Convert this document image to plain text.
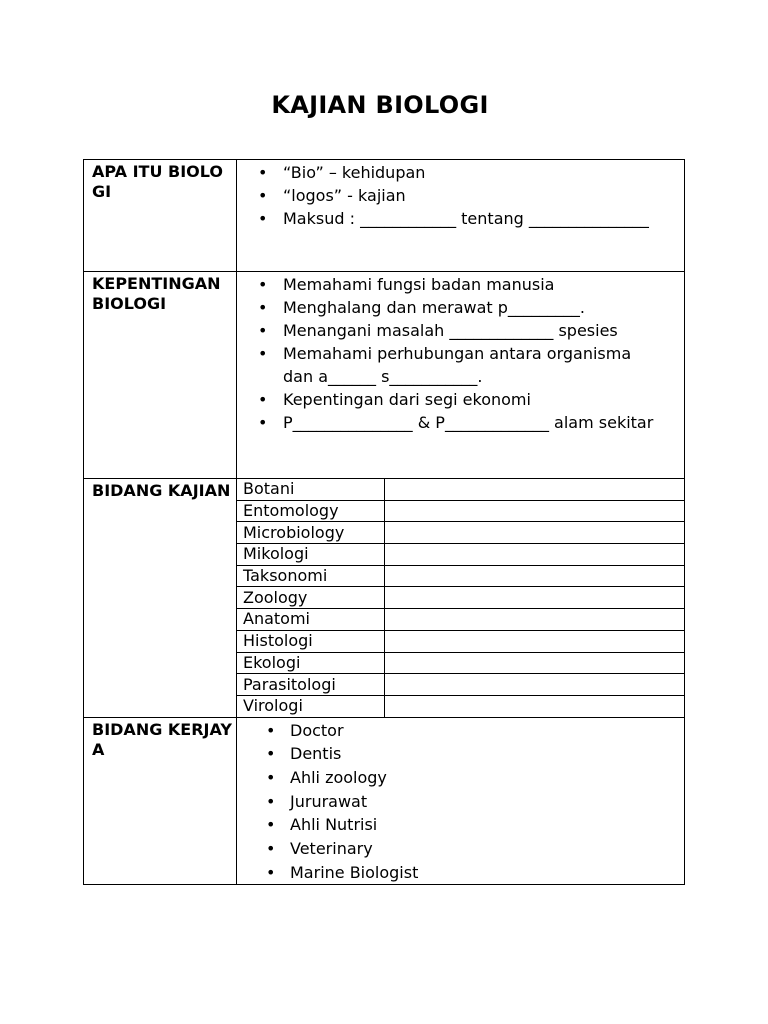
KAJIAN BIOLOGI
APA ITU BIOLOGI

• “Bio” – kehidupan
• “logos” - kajian
• Maksud : ____________ tentang _______________

KEPENTINGAN BIOLOGI

• Memahami fungsi badan manusia
• Menghalang dan merawat p_________.
• Menangani masalah _____________ spesies
• Memahami perhubungan antara organisma dan a______ s___________.
• Kepentingan dari segi ekonomi
• P_______________ & P_____________ alam sekitar

BIDANG KAJIAN
	Botani	
Entomology	
Microbiology	
Mikologi	
Taksonomi	
Zoology	
Anatomi	
Histologi	
Ekologi	
Parasitologi	
Virologi	

BIDANG KERJAYA

• Doctor
• Dentis
• Ahli zoology
• Jururawat
• Ahli Nutrisi
• Veterinary
• Marine Biologist
